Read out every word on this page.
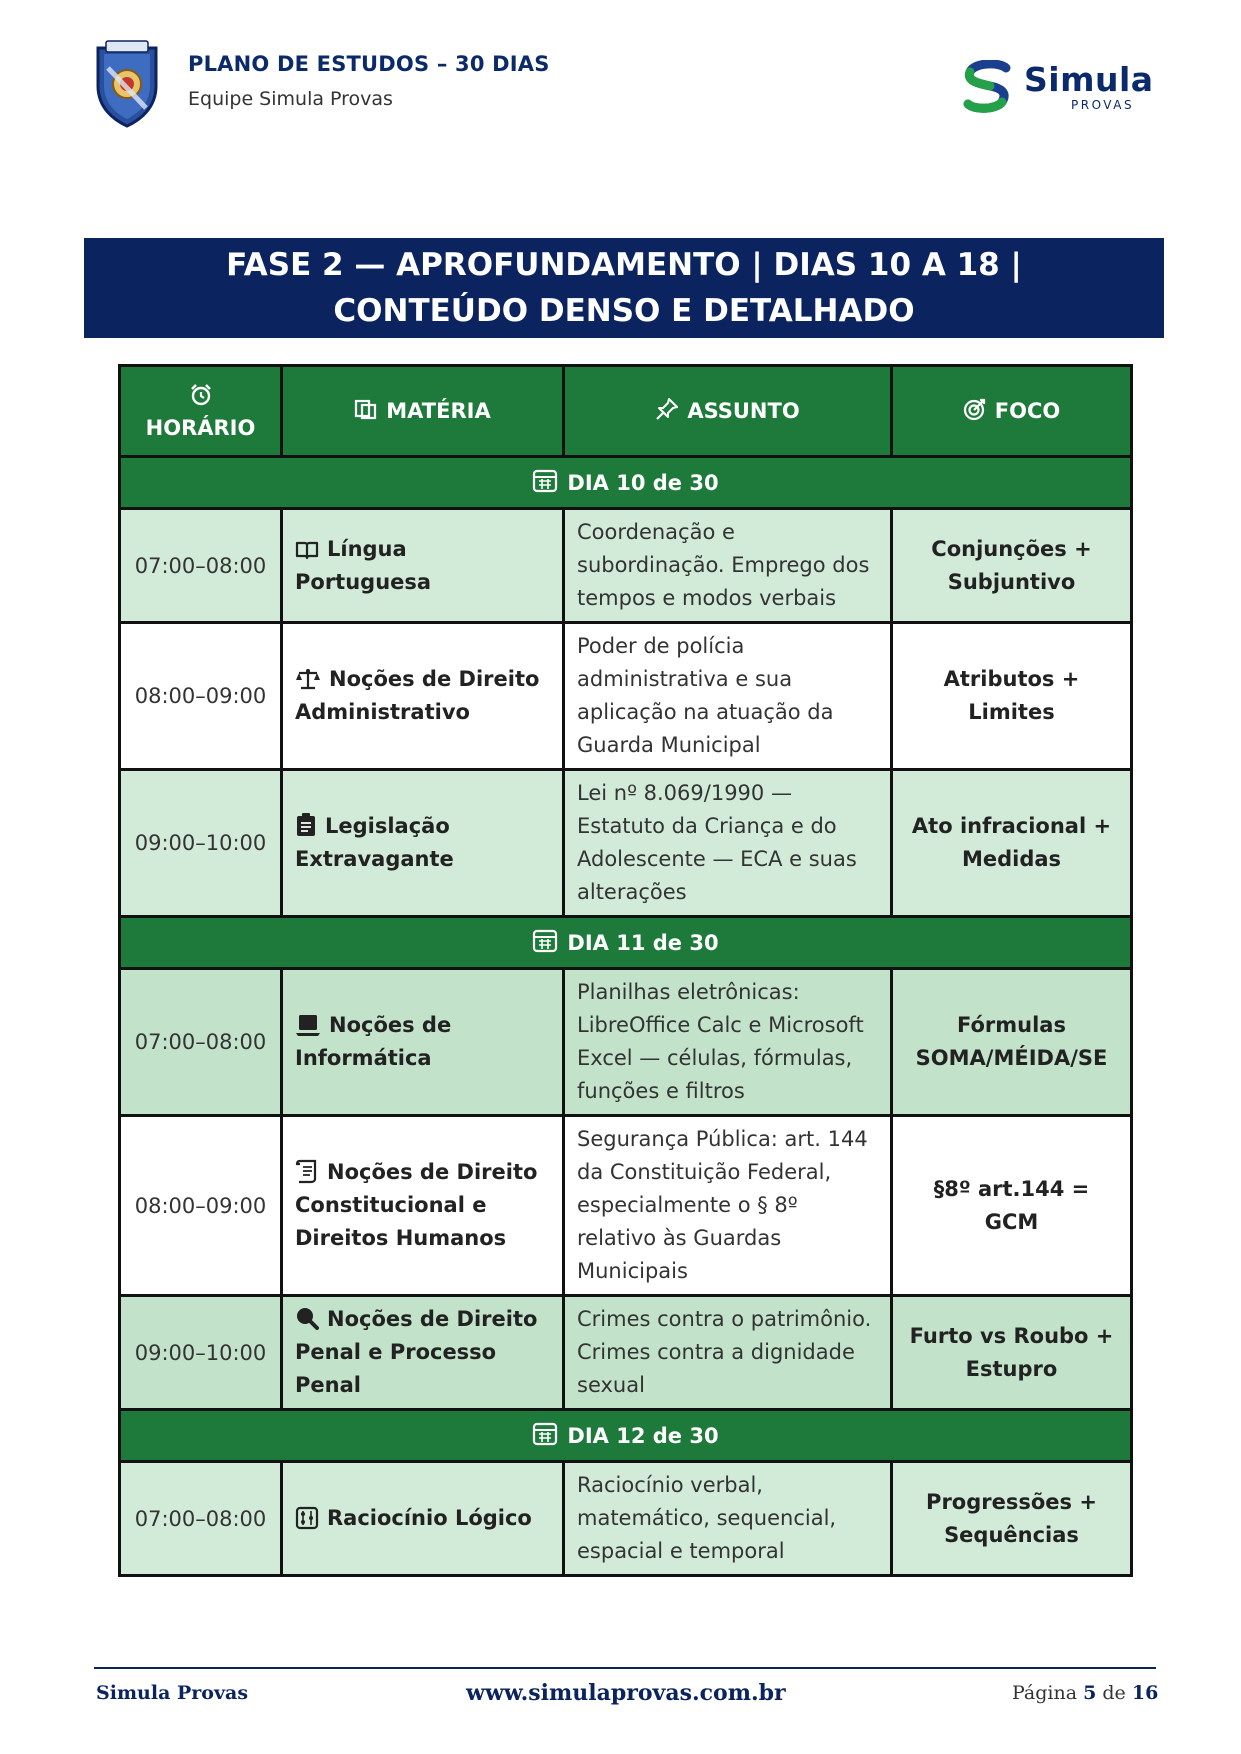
PLANO DE ESTUDOS – 30 DIAS
Equipe Simula Provas	Simula
PROVAS
FASE 2 — APROFUNDAMENTO | DIAS 10 A 18 | CONTEÚDO DENSO E DETALHADO
HORÁRIO	MATÉRIA	ASSUNTO	FOCO

DIA 10 de 30			

07:00–08:00	Língua Portuguesa	Coordenação e subordinação. Emprego dos tempos e modos verbais	Conjunções + Subjuntivo
08:00–09:00	Noções de Direito Administrativo	Poder de polícia administrativa e sua aplicação na atuação da Guarda Municipal	Atributos + Limites
09:00–10:00	Legislação Extravagante	Lei nº 8.069/1990 — Estatuto da Criança e do Adolescente — ECA e suas alterações	Ato infracional + Medidas

DIA 11 de 30			

07:00–08:00	Noções de Informática	Planilhas eletrônicas: LibreOffice Calc e Microsoft Excel — células, fórmulas, funções e filtros	Fórmulas SOMA/MÉIDA/SE
08:00–09:00	Noções de Direito Constitucional e Direitos Humanos	Segurança Pública: art. 144 da Constituição Federal, especialmente o § 8º relativo às Guardas Municipais	§8º art.144 = GCM
09:00–10:00	Noções de Direito Penal e Processo Penal	Crimes contra o patrimônio. Crimes contra a dignidade sexual	Furto vs Roubo + Estupro

DIA 12 de 30			

07:00–08:00	Raciocínio Lógico	Raciocínio verbal, matemático, sequencial, espacial e temporal	Progressões + Sequências
Simula Provas	www.simulaprovas.com.br	Página 5 de 16
